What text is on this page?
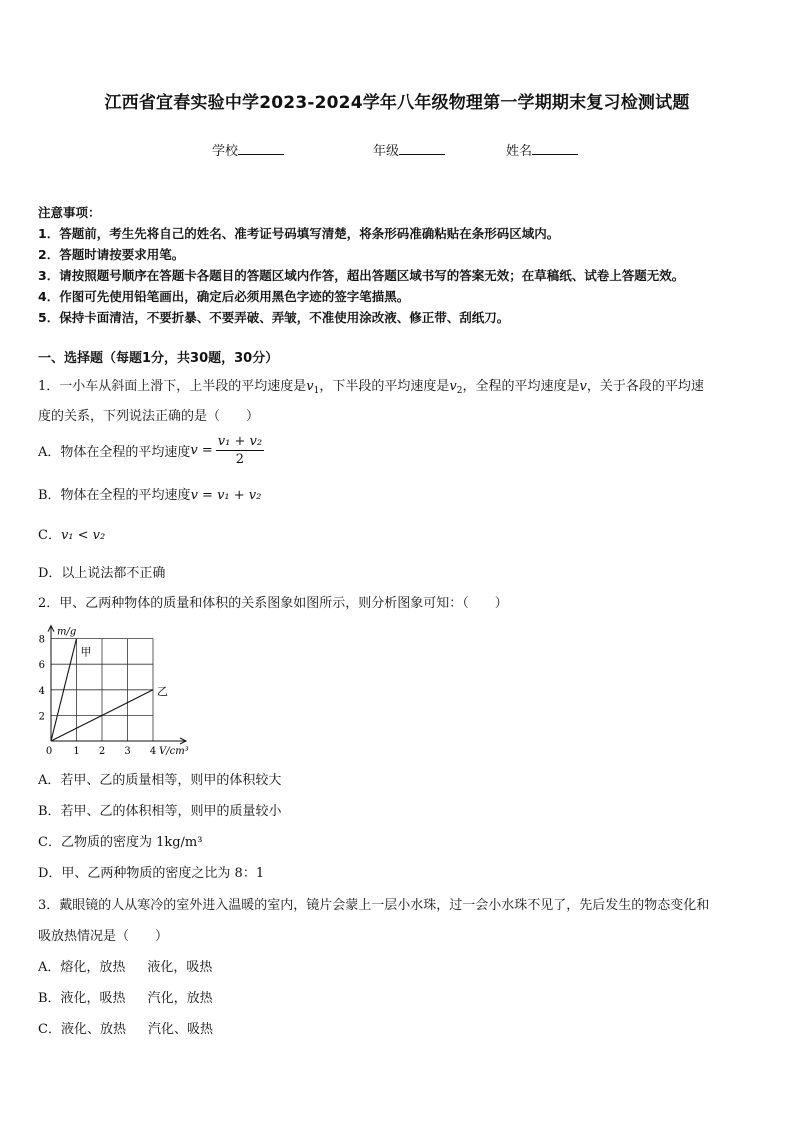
江西省宜春实验中学2023-2024学年八年级物理第一学期期末复习检测试题
学校	年级	姓名
注意事项：
1．答题前，考生先将自己的姓名、准考证号码填写清楚，将条形码准确粘贴在条形码区域内。
2．答题时请按要求用笔。
3．请按照题号顺序在答题卡各题目的答题区域内作答，超出答题区域书写的答案无效；在草稿纸、试卷上答题无效。
4．作图可先使用铅笔画出，确定后必须用黑色字迹的签字笔描黑。
5．保持卡面清洁，不要折暴、不要弄破、弄皱，不准使用涂改液、修正带、刮纸刀。
一、选择题（每题1分，共30题，30分）
1．一小车从斜面上滑下，上半段的平均速度是$v_1$，下半段的平均速度是$v_2$，全程的平均速度是v，关于各段的平均速
度的关系，下列说法正确的是（　　）
A．物体在全程的平均速度$v = \frac{\text{v₁ + v₂}}{2}$
B．物体在全程的平均速度v = v₁ + v₂
C．v₁ < v₂
D．以上说法都不正确
2．甲、乙两种物体的质量和体积的关系图象如图所示，则分析图象可知：（　　）
m/g
V/cm³
0 1 2 3 4
2
4
6
8
甲
乙
A．若甲、乙的质量相等，则甲的体积较大
B．若甲、乙的体积相等，则甲的质量较小
C．乙物质的密度为 1kg/m³
D．甲、乙两种物质的密度之比为 8：1
3．戴眼镜的人从寒冷的室外进入温暖的室内，镜片会蒙上一层小水珠，过一会小水珠不见了，先后发生的物态变化和
吸放热情况是（　　）
A．熔化，放热 液化，吸热
B．液化，吸热 汽化，放热
C．液化、放热 汽化、吸热
